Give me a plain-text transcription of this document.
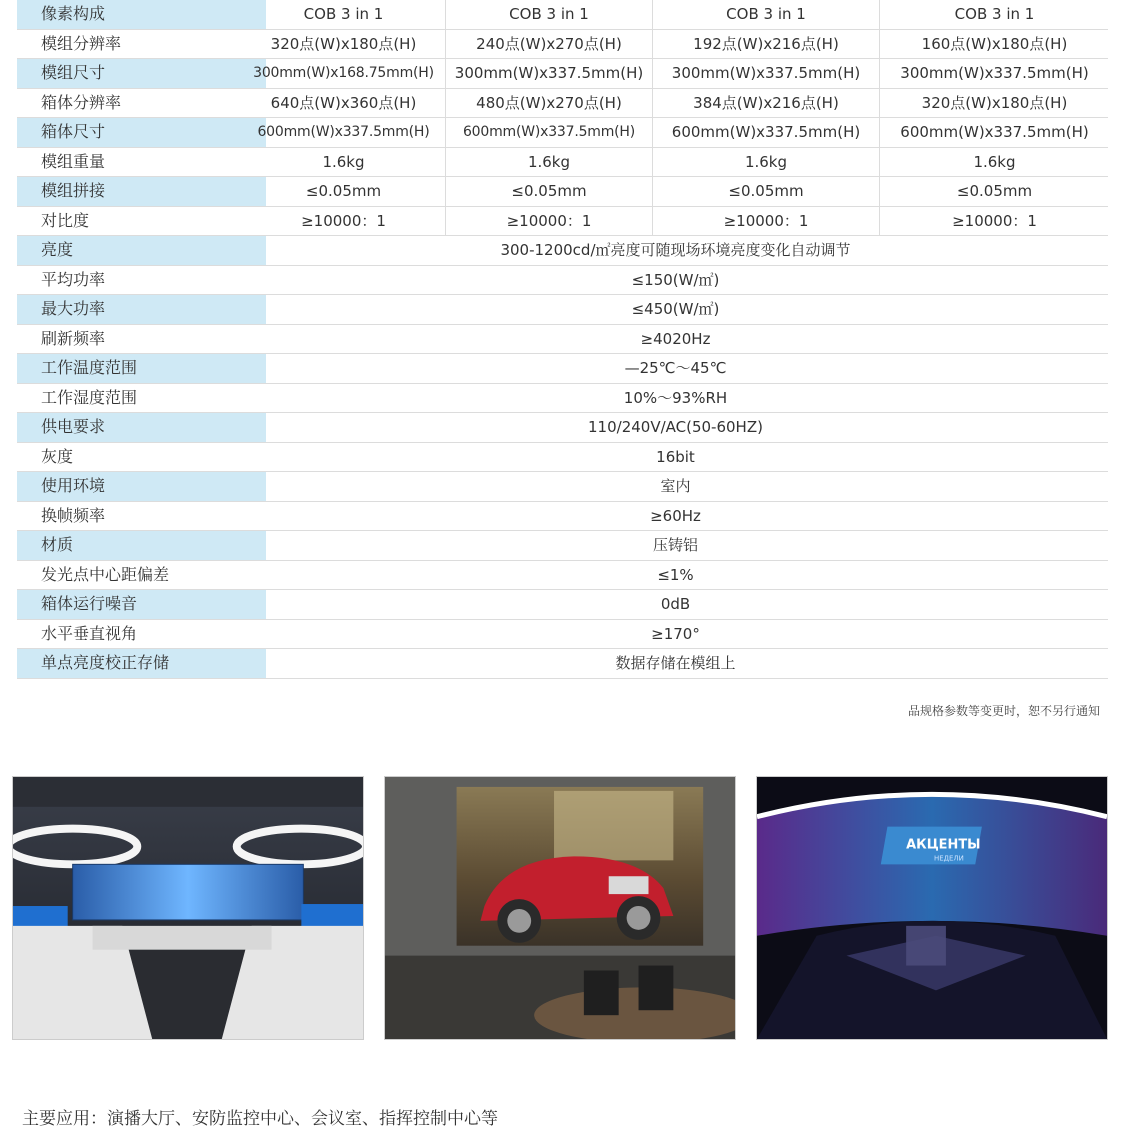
像素构成	COB 3 in 1	COB 3 in 1	COB 3 in 1	COB 3 in 1
模组分辨率	320点(W)x180点(H)	240点(W)x270点(H)	192点(W)x216点(H)	160点(W)x180点(H)
模组尺寸	300mm(W)x168.75mm(H)	300mm(W)x337.5mm(H)	300mm(W)x337.5mm(H)	300mm(W)x337.5mm(H)
箱体分辨率	640点(W)x360点(H)	480点(W)x270点(H)	384点(W)x216点(H)	320点(W)x180点(H)
箱体尺寸	600mm(W)x337.5mm(H)	600mm(W)x337.5mm(H)	600mm(W)x337.5mm(H)	600mm(W)x337.5mm(H)
模组重量	1.6kg	1.6kg	1.6kg	1.6kg
模组拼接	≤0.05mm	≤0.05mm	≤0.05mm	≤0.05mm
对比度	≥10000：1	≥10000：1	≥10000：1	≥10000：1
亮度	300-1200cd/㎡亮度可随现场环境亮度变化自动调节
平均功率	≤150(W/㎡)
最大功率	≤450(W/㎡)
刷新频率	≥4020Hz
工作温度范围	—25℃～45℃
工作湿度范围	10%～93%RH
供电要求	110/240V/AC(50-60HZ)
灰度	16bit
使用环境	室内
换帧频率	≥60Hz
材质	压铸铝
发光点中心距偏差	≤1%
箱体运行噪音	0dB
水平垂直视角	≥170°
单点亮度校正存储	数据存储在模组上
品规格参数等变更时，恕不另行通知
АКЦЕНТЫ
НЕДЕЛИ
主要应用：演播大厅、安防监控中心、会议室、指挥控制中心等
